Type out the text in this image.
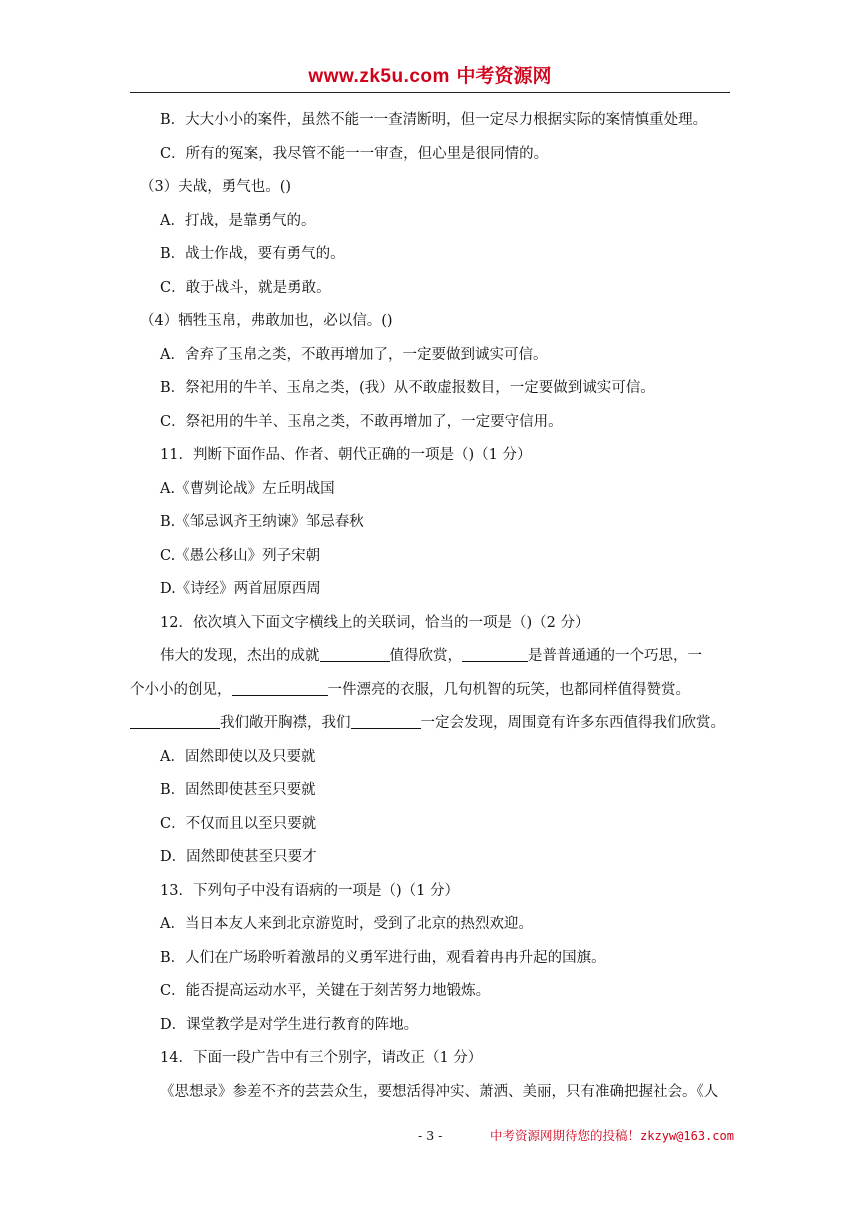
www.zk5u.com 中考资源网
B．大大小小的案件，虽然不能一一查清断明，但一定尽力根据实际的案情慎重处理。
C．所有的冤案，我尽管不能一一审查，但心里是很同情的。
（3）夫战，勇气也。()
A．打战，是靠勇气的。
B．战士作战，要有勇气的。
C．敢于战斗，就是勇敢。
（4）牺牲玉帛，弗敢加也，必以信。()
A．舍弃了玉帛之类，不敢再增加了，一定要做到诚实可信。
B．祭祀用的牛羊、玉帛之类，(我）从不敢虚报数目，一定要做到诚实可信。
C．祭祀用的牛羊、玉帛之类，不敢再增加了，一定要守信用。
11．判断下面作品、作者、朝代正确的一项是（)（1 分）
A.《曹刿论战》左丘明战国
B.《邹忌讽齐王纳谏》邹忌春秋
C.《愚公移山》列子宋朝
D.《诗经》两首屈原西周
12．依次填入下面文字横线上的关联词，恰当的一项是（)（2 分）
伟大的发现，杰出的成就	值得欣赏，	是普普通通的一个巧思，一
个小小的创见，	一件漂亮的衣服，几句机智的玩笑，也都同样值得赞赏。
我们敞开胸襟，我们	一定会发现，周围竟有许多东西值得我们欣赏。
A．固然即使以及只要就
B．固然即使甚至只要就
C．不仅而且以至只要就
D．固然即使甚至只要才
13．下列句子中没有语病的一项是（)（1 分）
A．当日本友人来到北京游览时，受到了北京的热烈欢迎。
B．人们在广场聆听着激昂的义勇军进行曲，观看着冉冉升起的国旗。
C．能否提高运动水平，关键在于刻苦努力地锻炼。
D．课堂教学是对学生进行教育的阵地。
14．下面一段广告中有三个别字，请改正（1 分）
《思想录》参差不齐的芸芸众生，要想活得冲实、萧洒、美丽，只有准确把握社会。《人
- 3 -	中考资源网期待您的投稿！zkzyw@163.com
